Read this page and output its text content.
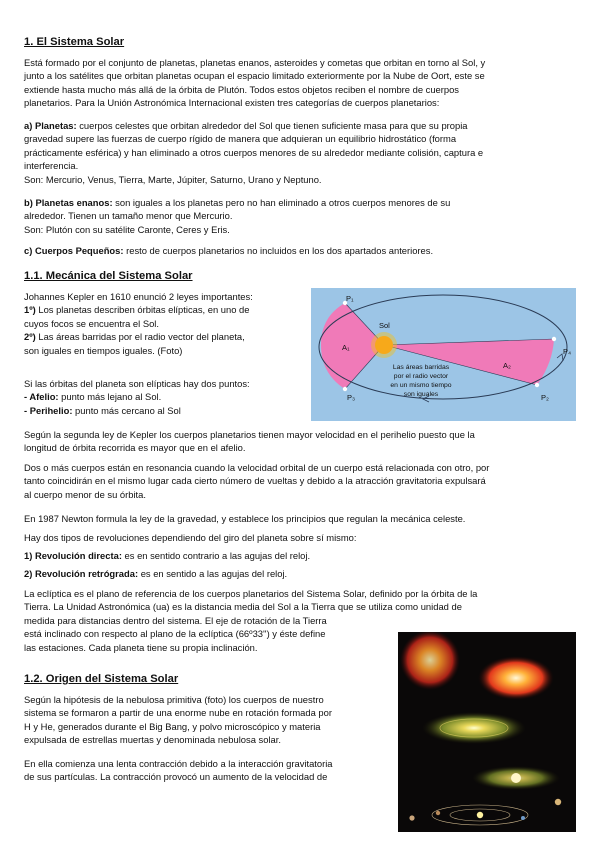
1. El Sistema Solar

Está formado por el conjunto de planetas, planetas enanos, asteroides y cometas que orbitan en torno al Sol, y
junto a los satélites que orbitan planetas ocupan el espacio limitado exteriormente por la Nube de Oort, este se
extiende hasta mucho más allá de la órbita de Plutón. Todos estos objetos reciben el nombre de cuerpos
planetarios. Para la Unión Astronómica Internacional existen tres categorías de cuerpos planetarios:

a) Planetas: cuerpos celestes que orbitan alrededor del Sol que tienen suficiente masa para que su propia
gravedad supere las fuerzas de cuerpo rígido de manera que adquieran un equilibrio hidrostático (forma
prácticamente esférica) y han eliminado a otros cuerpos menores de su alrededor mediante colisión, captura e
interferencia.
Son: Mercurio, Venus, Tierra, Marte, Júpiter, Saturno, Urano y Neptuno.

b) Planetas enanos: son iguales a los planetas pero no han eliminado a otros cuerpos menores de su
alrededor. Tienen un tamaño menor que Mercurio.
Son: Plutón con su satélite Caronte, Ceres y Eris.

c) Cuerpos Pequeños: resto de cuerpos planetarios no incluidos en los dos apartados anteriores.

1.1. Mecánica del Sistema Solar

Johannes Kepler en 1610 enunció 2 leyes importantes:
1º) Los planetas describen órbitas elípticas, en uno de
cuyos focos se encuentra el Sol.
2º) Las áreas barridas por el radio vector del planeta,
son iguales en tiempos iguales. (Foto)

Si las órbitas del planeta son elípticas hay dos puntos:
- Afelio: punto más lejano al Sol.
- Perihelio: punto más cercano al Sol

Sol
P₁
P₃	P₂
P₄
A₁
A₂
Las áreas barridas
por el radio vector
en un mismo tiempo
son iguales

Según la segunda ley de Kepler los cuerpos planetarios tienen mayor velocidad en el perihelio puesto que la
longitud de órbita recorrida es mayor que en el afelio.

Dos o más cuerpos están en resonancia cuando la velocidad orbital de un cuerpo está relacionada con otro, por
tanto coincidirán en el mismo lugar cada cierto número de vueltas y debido a la atracción gravitatoria expulsará
al cuerpo menor de su órbita.

En 1987 Newton formula la ley de la gravedad, y establece los principios que regulan la mecánica celeste.

Hay dos tipos de revoluciones dependiendo del giro del planeta sobre sí mismo:

1) Revolución directa: es en sentido contrario a las agujas del reloj.

2) Revolución retrógrada: es en sentido a las agujas del reloj.

La eclíptica es el plano de referencia de los cuerpos planetarios del Sistema Solar, definido por la órbita de la
Tierra. La Unidad Astronómica (ua) es la distancia media del Sol a la Tierra que se utiliza como unidad de
medida para distancias dentro del sistema. El eje de rotación de la Tierra
está inclinado con respecto al plano de la eclíptica (66º33'') y éste define
las estaciones. Cada planeta tiene su propia inclinación.

1.2. Origen del Sistema Solar

Según la hipótesis de la nebulosa primitiva (foto) los cuerpos de nuestro
sistema se formaron a partir de una enorme nube en rotación formada por
H y He, generados durante el Big Bang, y polvo microscópico y materia
expulsada de estrellas muertas y denominada nebulosa solar.

En ella comienza una lenta contracción debido a la interacción gravitatoria
de sus partículas. La contracción provocó un aumento de la velocidad de
